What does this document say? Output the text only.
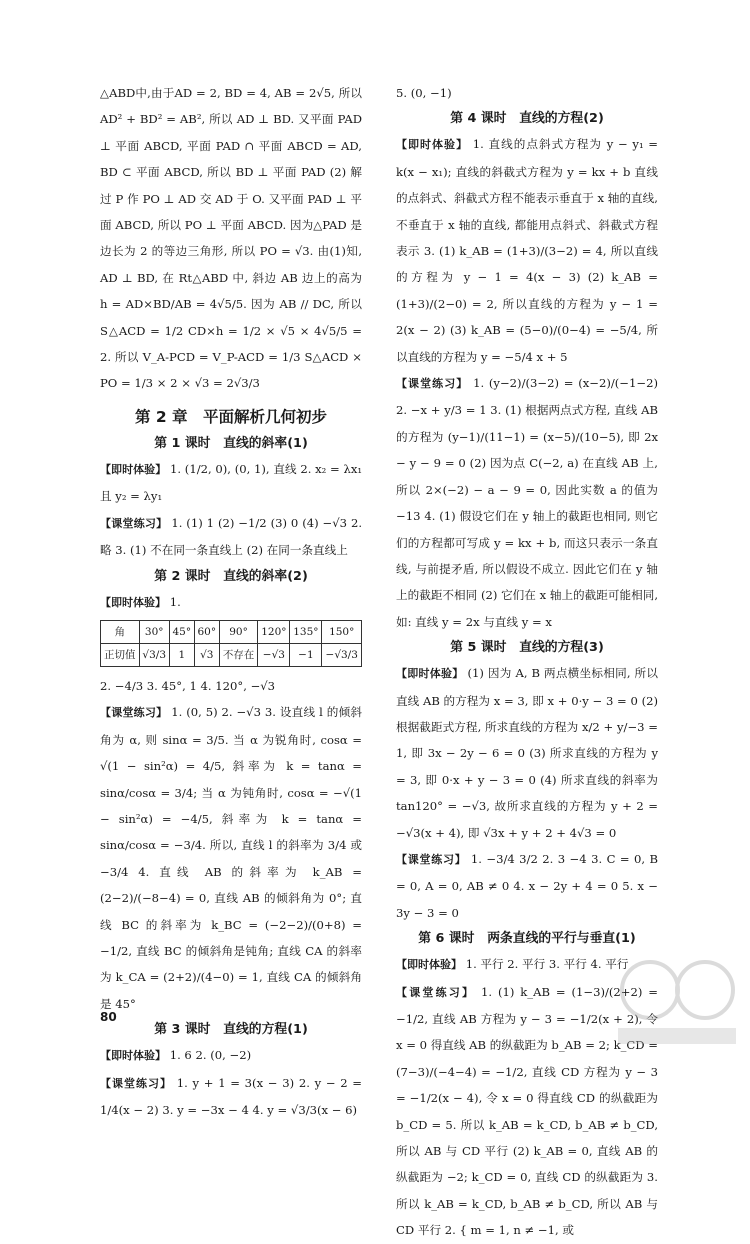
△ABD中,由于AD = 2, BD = 4, AB = 2√5, 所以 AD² + BD² = AB², 所以 AD ⊥ BD. 又平面 PAD ⊥ 平面 ABCD, 平面 PAD ∩ 平面 ABCD = AD, BD ⊂ 平面 ABCD, 所以 BD ⊥ 平面 PAD (2) 解 过 P 作 PO ⊥ AD 交 AD 于 O. 又平面 PAD ⊥ 平面 ABCD, 所以 PO ⊥ 平面 ABCD. 因为△PAD 是边长为 2 的等边三角形, 所以 PO = √3. 由(1)知, AD ⊥ BD, 在 Rt△ABD 中, 斜边 AB 边上的高为 h = AD×BD/AB = 4√5/5. 因为 AB // DC, 所以 S△ACD = 1/2 CD×h = 1/2 × √5 × 4√5/5 = 2. 所以 V_A-PCD = V_P-ACD = 1/3 S△ACD × PO = 1/3 × 2 × √3 = 2√3/3

第 2 章　平面解析几何初步
第 1 课时　直线的斜率(1)

【即时体验】 1. (1/2, 0), (0, 1), 直线 2. x₂ = λx₁ 且 y₂ = λy₁

【课堂练习】 1. (1) 1 (2) −1/2 (3) 0 (4) −√3 2. 略 3. (1) 不在同一条直线上 (2) 在同一条直线上

第 2 课时　直线的斜率(2)

【即时体验】 1.

角	30°	45°	60°	90°	120°	135°	150°
正切值	√3/3	1	√3	不存在	−√3	−1	−√3/3

2. −4/3 3. 45°, 1 4. 120°, −√3

【课堂练习】 1. (0, 5) 2. −√3 3. 设直线 l 的倾斜角为 α, 则 sinα = 3/5. 当 α 为锐角时, cosα = √(1 − sin²α) = 4/5, 斜率为 k = tanα = sinα/cosα = 3/4; 当 α 为钝角时, cosα = −√(1 − sin²α) = −4/5, 斜率为 k = tanα = sinα/cosα = −3/4. 所以, 直线 l 的斜率为 3/4 或 −3/4 4. 直线 AB 的斜率为 k_AB = (2−2)/(−8−4) = 0, 直线 AB 的倾斜角为 0°; 直线 BC 的斜率为 k_BC = (−2−2)/(0+8) = −1/2, 直线 BC 的倾斜角是钝角; 直线 CA 的斜率为 k_CA = (2+2)/(4−0) = 1, 直线 CA 的倾斜角是 45°

第 3 课时　直线的方程(1)

【即时体验】 1. 6 2. (0, −2)

【课堂练习】 1. y + 1 = 3(x − 3) 2. y − 2 = 1/4(x − 2) 3. y = −3x − 4 4. y = √3/3(x − 6)

5. (0, −1)

第 4 课时　直线的方程(2)

【即时体验】 1. 直线的点斜式方程为 y − y₁ = k(x − x₁); 直线的斜截式方程为 y = kx + b 直线的点斜式、斜截式方程不能表示垂直于 x 轴的直线, 不垂直于 x 轴的直线, 都能用点斜式、斜截式方程表示 3. (1) k_AB = (1+3)/(3−2) = 4, 所以直线的方程为 y − 1 = 4(x − 3) (2) k_AB = (1+3)/(2−0) = 2, 所以直线的方程为 y − 1 = 2(x − 2) (3) k_AB = (5−0)/(0−4) = −5/4, 所以直线的方程为 y = −5/4 x + 5

【课堂练习】 1. (y−2)/(3−2) = (x−2)/(−1−2) 2. −x + y/3 = 1 3. (1) 根据两点式方程, 直线 AB 的方程为 (y−1)/(11−1) = (x−5)/(10−5), 即 2x − y − 9 = 0 (2) 因为点 C(−2, a) 在直线 AB 上, 所以 2×(−2) − a − 9 = 0, 因此实数 a 的值为 −13 4. (1) 假设它们在 y 轴上的截距也相同, 则它们的方程都可写成 y = kx + b, 而这只表示一条直线, 与前提矛盾, 所以假设不成立. 因此它们在 y 轴上的截距不相同 (2) 它们在 x 轴上的截距可能相同, 如: 直线 y = 2x 与直线 y = x

第 5 课时　直线的方程(3)

【即时体验】 (1) 因为 A, B 两点横坐标相同, 所以直线 AB 的方程为 x = 3, 即 x + 0·y − 3 = 0 (2) 根据截距式方程, 所求直线的方程为 x/2 + y/−3 = 1, 即 3x − 2y − 6 = 0 (3) 所求直线的方程为 y = 3, 即 0·x + y − 3 = 0 (4) 所求直线的斜率为 tan120° = −√3, 故所求直线的方程为 y + 2 = −√3(x + 4), 即 √3x + y + 2 + 4√3 = 0

【课堂练习】 1. −3/4 3/2 2. 3 −4 3. C = 0, B = 0, A = 0, AB ≠ 0 4. x − 2y + 4 = 0 5. x − 3y − 3 = 0

第 6 课时　两条直线的平行与垂直(1)

【即时体验】 1. 平行 2. 平行 3. 平行 4. 平行

【课堂练习】 1. (1) k_AB = (1−3)/(2+2) = −1/2, 直线 AB 方程为 y − 3 = −1/2(x + 2), 令 x = 0 得直线 AB 的纵截距为 b_AB = 2; k_CD = (7−3)/(−4−4) = −1/2, 直线 CD 方程为 y − 3 = −1/2(x − 4), 令 x = 0 得直线 CD 的纵截距为 b_CD = 5. 所以 k_AB = k_CD, b_AB ≠ b_CD, 所以 AB 与 CD 平行 (2) k_AB = 0, 直线 AB 的纵截距为 −2; k_CD = 0, 直线 CD 的纵截距为 3. 所以 k_AB = k_CD, b_AB ≠ b_CD, 所以 AB 与 CD 平行 2. { m = 1, n ≠ −1, 或

80
